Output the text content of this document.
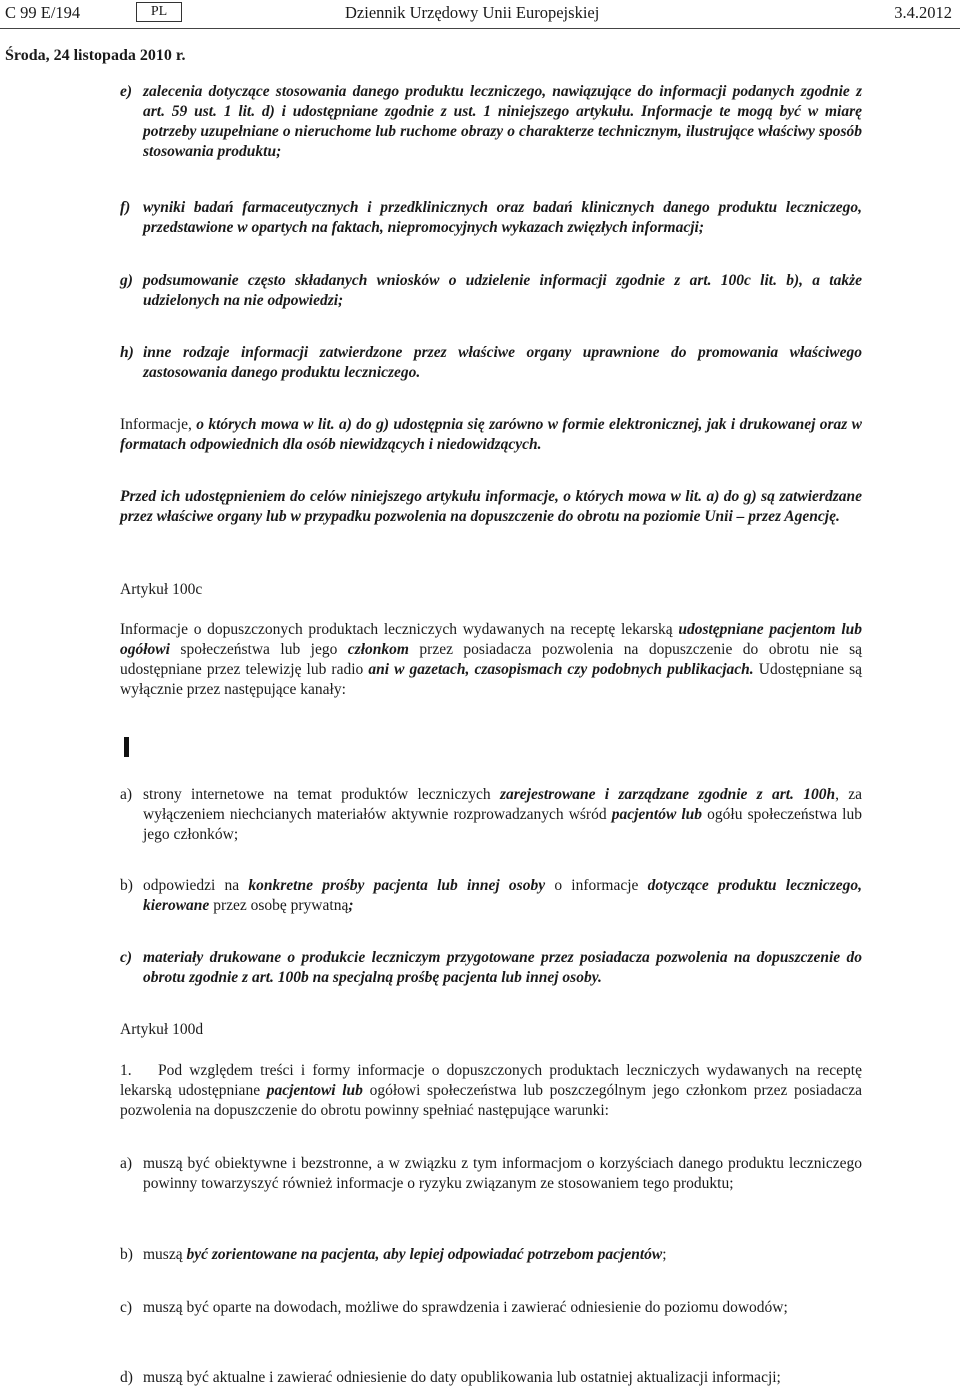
C 99 E/194	PL	Dziennik Urzędowy Unii Europejskiej	3.4.2012
Środa, 24 listopada 2010 r.
e) zalecenia dotyczące stosowania danego produktu leczniczego, nawiązujące do informacji podanych zgodnie z art. 59 ust. 1 lit. d) i udostępniane zgodnie z ust. 1 niniejszego artykułu. Informacje te mogą być w miarę potrzeby uzupełniane o nieruchome lub ruchome obrazy o charakterze technicznym, ilustrujące właściwy sposób stosowania produktu;
f) wyniki badań farmaceutycznych i przedklinicznych oraz badań klinicznych danego produktu leczniczego, przedstawione w opartych na faktach, niepromocyjnych wykazach zwięzłych informacji;
g) podsumowanie często składanych wniosków o udzielenie informacji zgodnie z art. 100c lit. b), a także udzielonych na nie odpowiedzi;
h) inne rodzaje informacji zatwierdzone przez właściwe organy uprawnione do promowania właściwego zastosowania danego produktu leczniczego.
Informacje, o których mowa w lit. a) do g) udostępnia się zarówno w formie elektronicznej, jak i drukowanej oraz w formatach odpowiednich dla osób niewidzących i niedowidzących.
Przed ich udostępnieniem do celów niniejszego artykułu informacje, o których mowa w lit. a) do g) są zatwierdzane przez właściwe organy lub w przypadku pozwolenia na dopuszczenie do obrotu na poziomie Unii – przez Agencję.
Artykuł 100c
Informacje o dopuszczonych produktach leczniczych wydawanych na receptę lekarską udostępniane pacjentom lub ogółowi społeczeństwa lub jego członkom przez posiadacza pozwolenia na dopuszczenie do obrotu nie są udostępniane przez telewizję lub radio ani w gazetach, czasopismach czy podobnych publikacjach. Udostępniane są wyłącznie przez następujące kanały:
a) strony internetowe na temat produktów leczniczych zarejestrowane i zarządzane zgodnie z art. 100h, za wyłączeniem niechcianych materiałów aktywnie rozprowadzanych wśród pacjentów lub ogółu społeczeństwa lub jego członków;
b) odpowiedzi na konkretne prośby pacjenta lub innej osoby o informacje dotyczące produktu leczniczego, kierowane przez osobę prywatną;
c) materiały drukowane o produkcie leczniczym przygotowane przez posiadacza pozwolenia na dopuszczenie do obrotu zgodnie z art. 100b na specjalną prośbę pacjenta lub innej osoby.
Artykuł 100d
1. Pod względem treści i formy informacje o dopuszczonych produktach leczniczych wydawanych na receptę lekarską udostępniane pacjentowi lub ogółowi społeczeństwa lub poszczególnym jego członkom przez posiadacza pozwolenia na dopuszczenie do obrotu powinny spełniać następujące warunki:
a) muszą być obiektywne i bezstronne, a w związku z tym informacjom o korzyściach danego produktu leczniczego powinny towarzyszyć również informacje o ryzyku związanym ze stosowaniem tego produktu;
b) muszą być zorientowane na pacjenta, aby lepiej odpowiadać potrzebom pacjentów;
c) muszą być oparte na dowodach, możliwe do sprawdzenia i zawierać odniesienie do poziomu dowodów;
d) muszą być aktualne i zawierać odniesienie do daty opublikowania lub ostatniej aktualizacji informacji;
